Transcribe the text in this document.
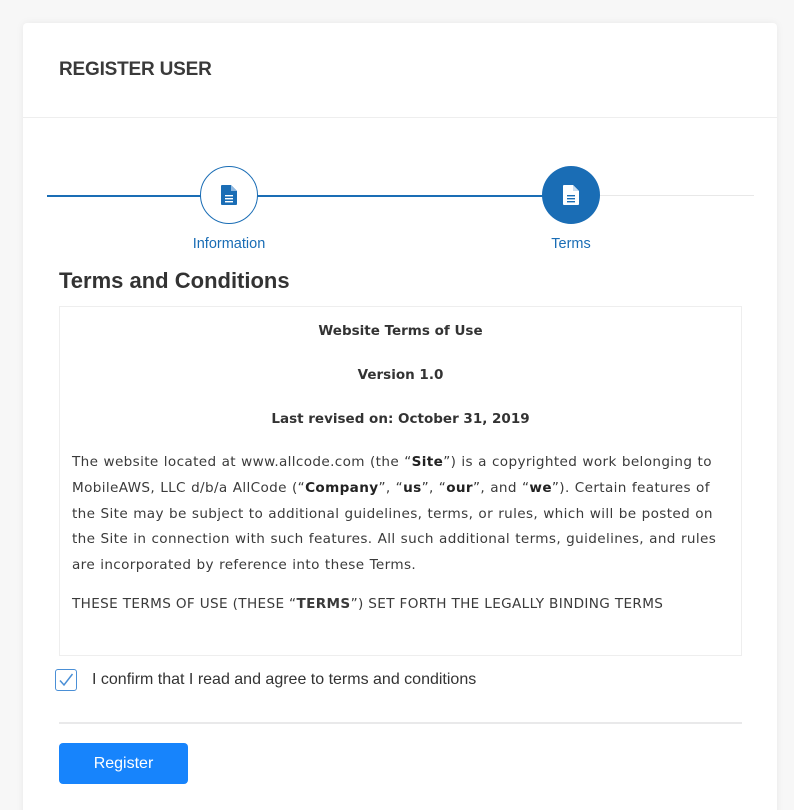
REGISTER USER
Information	Terms
Terms and Conditions
Website Terms of Use
Version 1.0
Last revised on: October 31, 2019

The website located at www.allcode.com (the “Site”) is a copyrighted work belonging to MobileAWS, LLC d/b/a AllCode (“Company”, “us”, “our”, and “we”). Certain features of the Site may be subject to additional guidelines, terms, or rules, which will be posted on the Site in connection with such features. All such additional terms, guidelines, and rules are incorporated by reference into these Terms.

THESE TERMS OF USE (THESE “TERMS”) SET FORTH THE LEGALLY BINDING TERMS

I confirm that I read and agree to terms and conditions
Register
